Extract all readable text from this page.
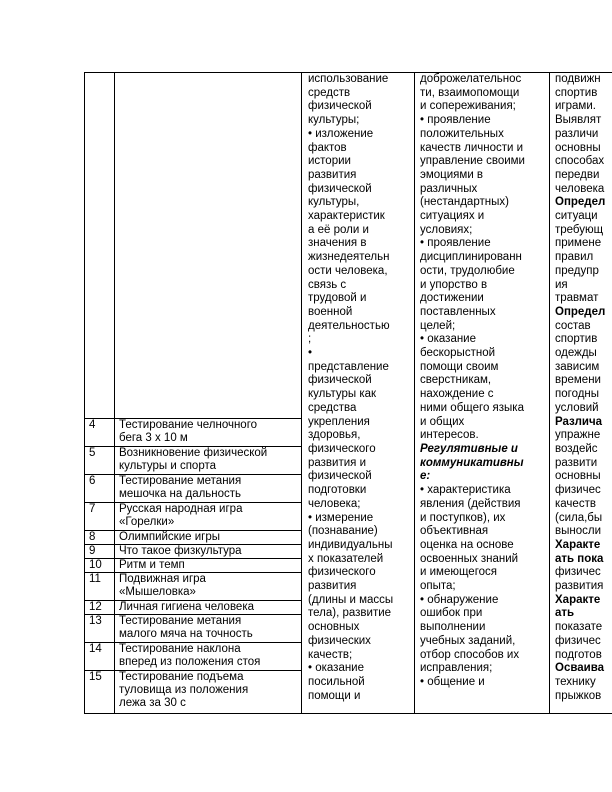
4 Тестирование челночного
бега 3 х 10 м
5 Возникновение физической
культуры и спорта
6 Тестирование метания
мешочка на дальность
7 Русская народная игра
«Горелки»
8 Олимпийские игры
9 Что такое физкультура
10 Ритм и темп
11 Подвижная игра
«Мышеловка»
12 Личная гигиена человека
13 Тестирование метания
малого мяча на точность
14 Тестирование наклона
вперед из положения стоя
15 Тестирование подъема
туловища из положения
лежа за 30 с
использование
средств
физической
культуры;
• изложение
фактов
истории
развития
физической
культуры,
характеристик
а её роли и
значения в
жизнедеятельн
ости человека,
связь с
трудовой и
военной
деятельностью
;
•
представление
физической
культуры как
средства
укрепления
здоровья,
физического
развития и
физической
подготовки
человека;
• измерение
(познавание)
индивидуальны
х показателей
физического
развития
(длины и массы
тела), развитие
основных
физических
качеств;
• оказание
посильной
помощи и
доброжелательнос
ти, взаимопомощи
и сопереживания;
• проявление
положительных
качеств личности и
управление своими
эмоциями в
различных
(нестандартных)
ситуациях и
условиях;
• проявление
дисциплинированн
ости, трудолюбие
и упорство в
достижении
поставленных
целей;
• оказание
бескорыстной
помощи своим
сверстникам,
нахождение с
ними общего языка
и общих
интересов.
Регулятивные и
коммуникативны
е:
• характеристика
явления (действия
и поступков), их
объективная
оценка на основе
освоенных знаний
и имеющегося
опыта;
• обнаружение
ошибок при
выполнении
учебных заданий,
отбор способов их
исправления;
• общение и
подвижн
спортив
играми.
Выявлят
различи
основны
способах
передви
человека
Определ
ситуаци
требующ
примене
правил
предупр
ия
травмат
Определ
состав
спортив
одежды
зависим
времени
погодны
условий
Различа
упражне
воздейс
развити
основны
физичес
качеств
(сила,бы
выносли
Характе
ать пока
физичес
развития
Характе
ать
показате
физичес
подготов
Осваива
технику
прыжков
